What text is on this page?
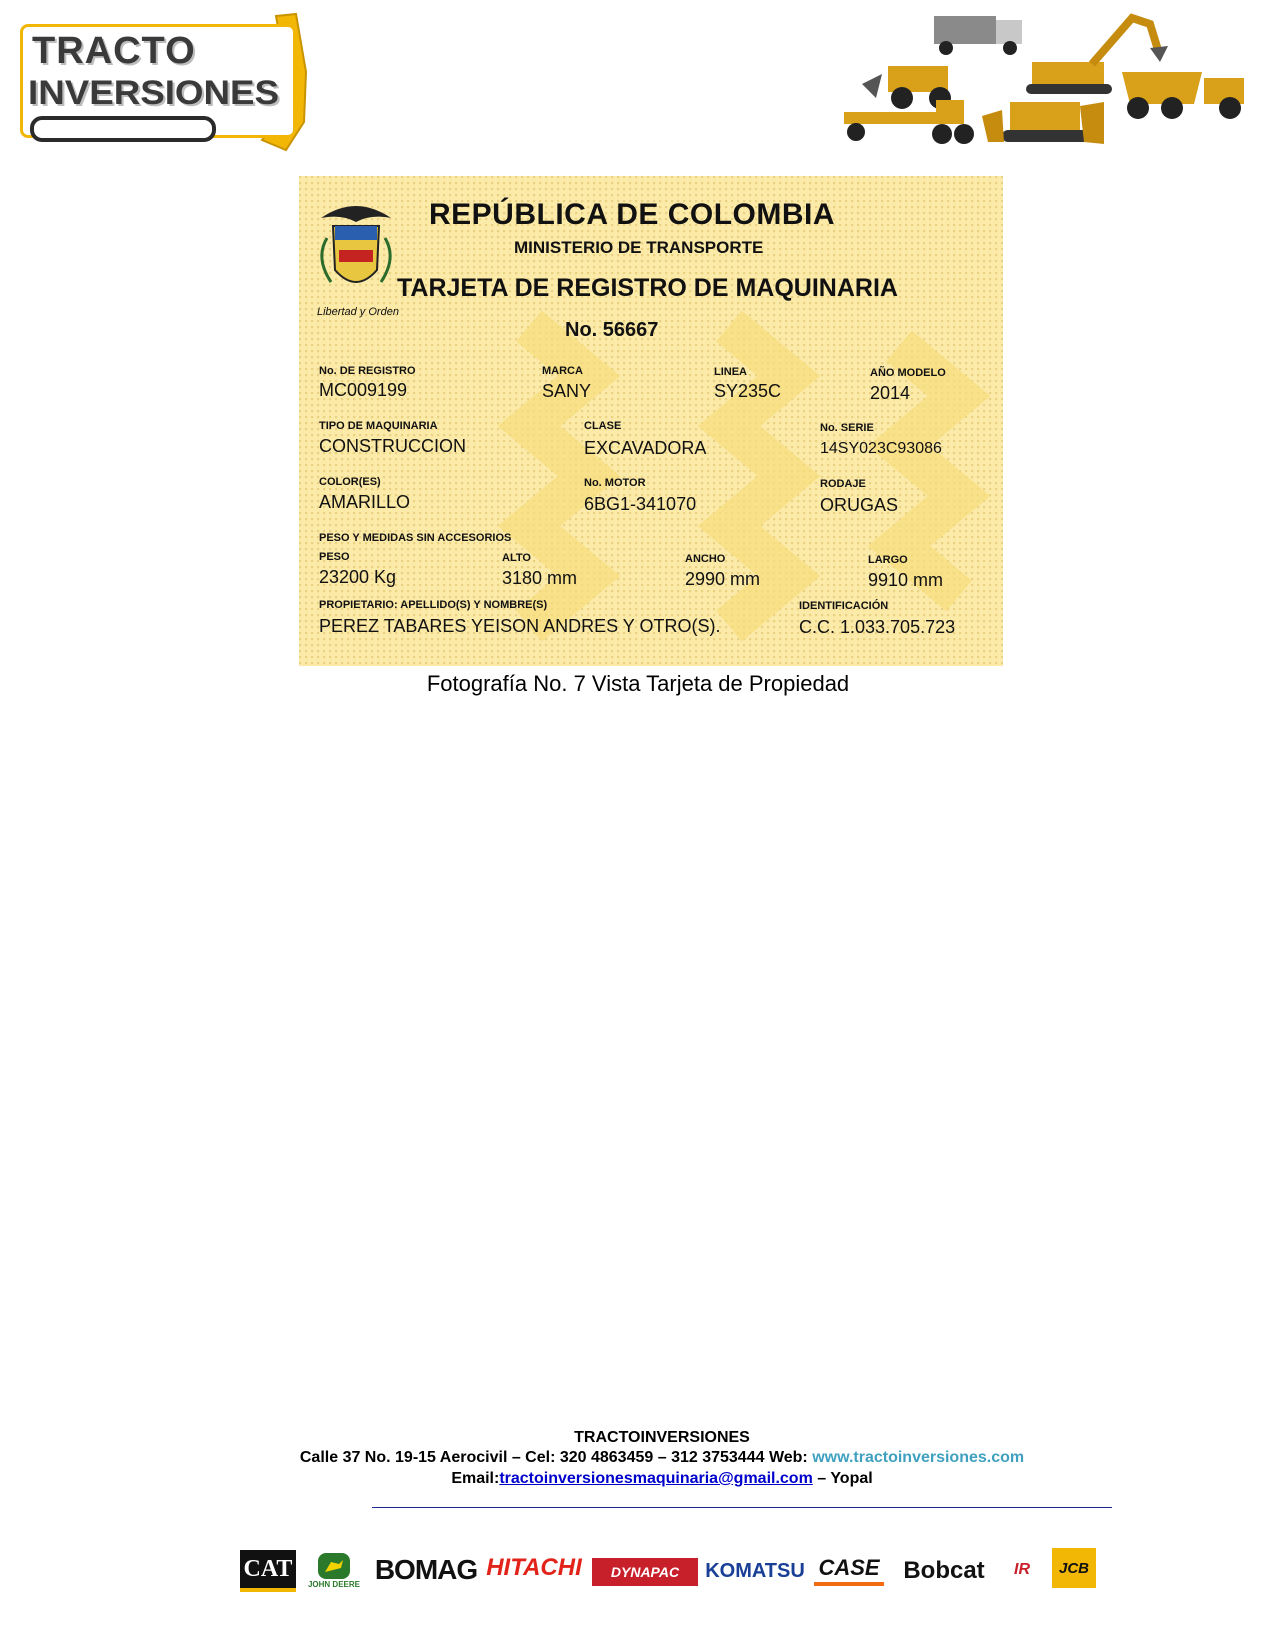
TRACTO
INVERSIONES
Libertad y Orden
REPÚBLICA DE COLOMBIA
MINISTERIO DE TRANSPORTE
TARJETA DE REGISTRO DE MAQUINARIA
No. 56667
No. DE REGISTRO
MC009199
MARCA
SANY
LINEA
SY235C
AÑO MODELO
2014
TIPO DE MAQUINARIA
CONSTRUCCION
CLASE
EXCAVADORA
No. SERIE
14SY023C93086
COLOR(ES)
AMARILLO
No. MOTOR
6BG1-341070
RODAJE
ORUGAS
PESO Y MEDIDAS SIN ACCESORIOS
PESO
23200 Kg
ALTO
3180 mm
ANCHO
2990 mm
LARGO
9910 mm
PROPIETARIO: APELLIDO(S) Y NOMBRE(S)
PEREZ TABARES YEISON ANDRES Y OTRO(S).
IDENTIFICACIÓN
C.C. 1.033.705.723
Fotografía No. 7 Vista Tarjeta de Propiedad
TRACTOINVERSIONES
Calle 37 No. 19-15 Aerocivil – Cel: 320 4863459 – 312 3753444 Web: www.tractoinversiones.com
Email:tractoinversionesmaquinaria@gmail.com – Yopal
CAT
JOHN DEERE BOMAG HITACHI	DYNAPAC	KOMATSU CASE Bobcat	IR	JCB
